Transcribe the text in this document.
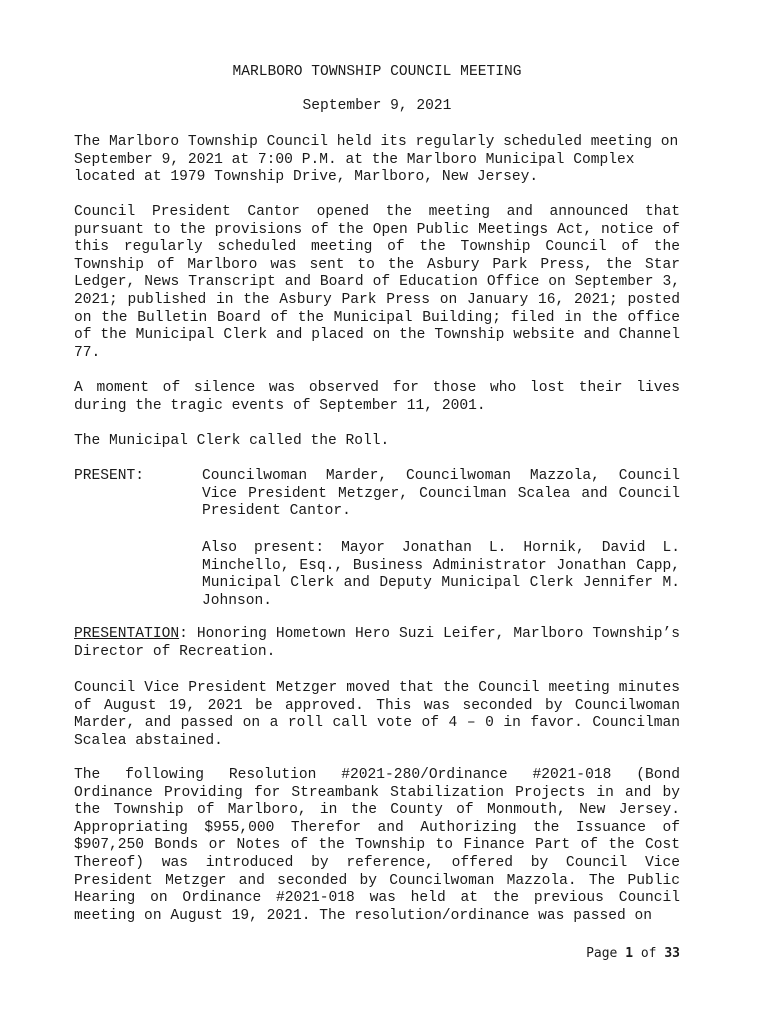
MARLBORO TOWNSHIP COUNCIL MEETING
September 9, 2021

The Marlboro Township Council held its regularly scheduled meeting on September 9, 2021 at 7:00 P.M. at the Marlboro Municipal Complex located at 1979 Township Drive, Marlboro, New Jersey.

Council President Cantor opened the meeting and announced that pursuant to the provisions of the Open Public Meetings Act, notice of this regularly scheduled meeting of the Township Council of the Township of Marlboro was sent to the Asbury Park Press, the Star Ledger, News Transcript and Board of Education Office on September 3, 2021; published in the Asbury Park Press on January 16, 2021; posted on the Bulletin Board of the Municipal Building; filed in the office of the Municipal Clerk and placed on the Township website and Channel 77.

A moment of silence was observed for those who lost their lives during the tragic events of September 11, 2001.

The Municipal Clerk called the Roll.

PRESENT:	Councilwoman Marder, Councilwoman Mazzola, Council Vice President Metzger, Councilman Scalea and Council President Cantor.

Also present: Mayor Jonathan L. Hornik, David L. Minchello, Esq., Business Administrator Jonathan Capp, Municipal Clerk and Deputy Municipal Clerk Jennifer M. Johnson.

PRESENTATION: Honoring Hometown Hero Suzi Leifer, Marlboro Township’s Director of Recreation.

Council Vice President Metzger moved that the Council meeting minutes of August 19, 2021 be approved. This was seconded by Councilwoman Marder, and passed on a roll call vote of 4 – 0 in favor. Councilman Scalea abstained.

The following Resolution #2021-280/Ordinance #2021-018 (Bond Ordinance Providing for Streambank Stabilization Projects in and by the Township of Marlboro, in the County of Monmouth, New Jersey. Appropriating $955,000 Therefor and Authorizing the Issuance of $907,250 Bonds or Notes of the Township to Finance Part of the Cost Thereof) was introduced by reference, offered by Council Vice President Metzger and seconded by Councilwoman Mazzola. The Public Hearing on Ordinance #2021-018 was held at the previous Council meeting on August 19, 2021. The resolution/ordinance was passed on

Page 1 of 33
